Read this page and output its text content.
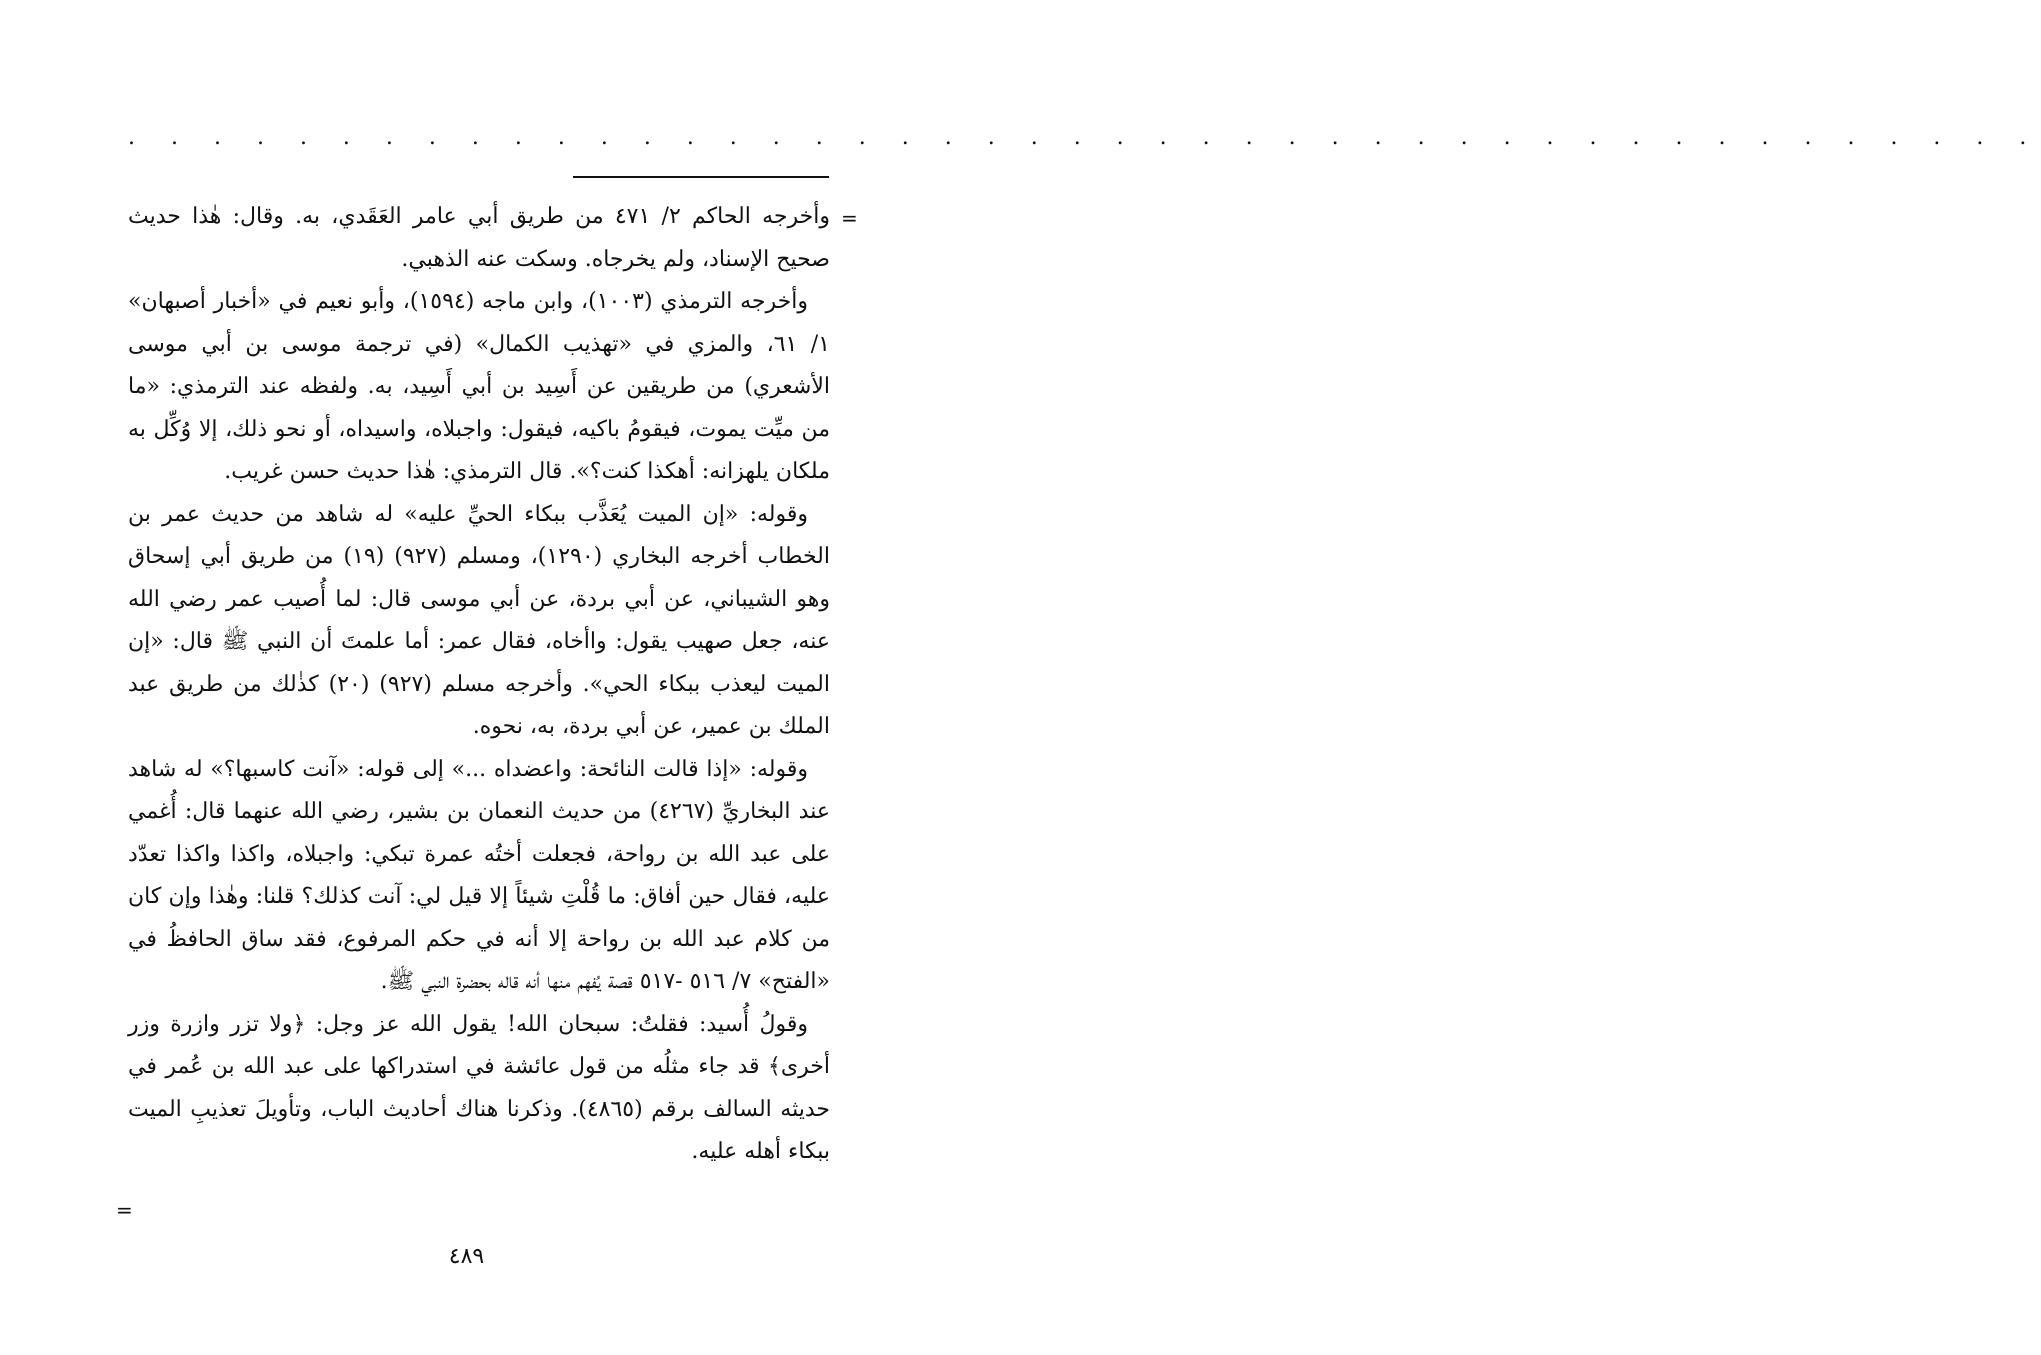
. . . . . . . . . . . . . . . . . . . . . . . . . . . . . . . . . . . . . . . . . . . . .
=

وأخرجه الحاكم ٢/ ٤٧١ من طريق أبي عامر العَقَدي، به. وقال: هٰذا حديث صحيح الإسناد، ولم يخرجاه. وسكت عنه الذهبي.

وأخرجه الترمذي (١٠٠٣)، وابن ماجه (١٥٩٤)، وأبو نعيم في «أخبار أصبهان» ١/ ٦١، والمزي في «تهذيب الكمال» (في ترجمة موسى بن أبي موسى الأشعري) من طريقين عن أَسِيد بن أبي أَسِيد، به. ولفظه عند الترمذي: «ما من ميِّت يموت، فيقومُ باكيه، فيقول: واجبلاه، واسيداه، أو نحو ذلك، إلا وُكِّل به ملكان يلهزانه: أهكذا كنت؟». قال الترمذي: هٰذا حديث حسن غريب.

وقوله: «إن الميت يُعَذَّب ببكاء الحيِّ عليه» له شاهد من حديث عمر بن الخطاب أخرجه البخاري (١٢٩٠)، ومسلم (٩٢٧) (١٩) من طريق أبي إسحاق وهو الشيباني، عن أبي بردة، عن أبي موسى قال: لما أُصيب عمر رضي الله عنه، جعل صهيب يقول: واأخاه، فقال عمر: أما علمتَ أن النبي ﷺ قال: «إن الميت ليعذب ببكاء الحي». وأخرجه مسلم (٩٢٧) (٢٠) كذٰلك من طريق عبد الملك بن عمير، عن أبي بردة، به، نحوه.

وقوله: «إذا قالت النائحة: واعضداه ...» إلى قوله: «آنت كاسبها؟» له شاهد عند البخاريِّ (٤٢٦٧) من حديث النعمان بن بشير، رضي الله عنهما قال: أُغمي على عبد الله بن رواحة، فجعلت أختُه عمرة تبكي: واجبلاه، واكذا واكذا تعدّد عليه، فقال حين أفاق: ما قُلْتِ شيئاً إلا قيل لي: آنت كذلك؟ قلنا: وهٰذا وإن كان من كلام عبد الله بن رواحة إلا أنه في حكم المرفوع، فقد ساق الحافظُ في «الفتح» ٧/ ٥١٦ -٥١٧ قصة يُفهم منها أنه قاله بحضرة النبي ﷺ.

وقولُ أُسيد: فقلتُ: سبحان الله! يقول الله عز وجل: ﴿ولا تزر وازرة وزر أخرى﴾ قد جاء مثلُه من قول عائشة في استدراكها على عبد الله بن عُمر في حديثه السالف برقم (٤٨٦٥). وذكرنا هناك أحاديث الباب، وتأويلَ تعذيبِ الميت ببكاء أهله عليه.

=
٤٨٩
